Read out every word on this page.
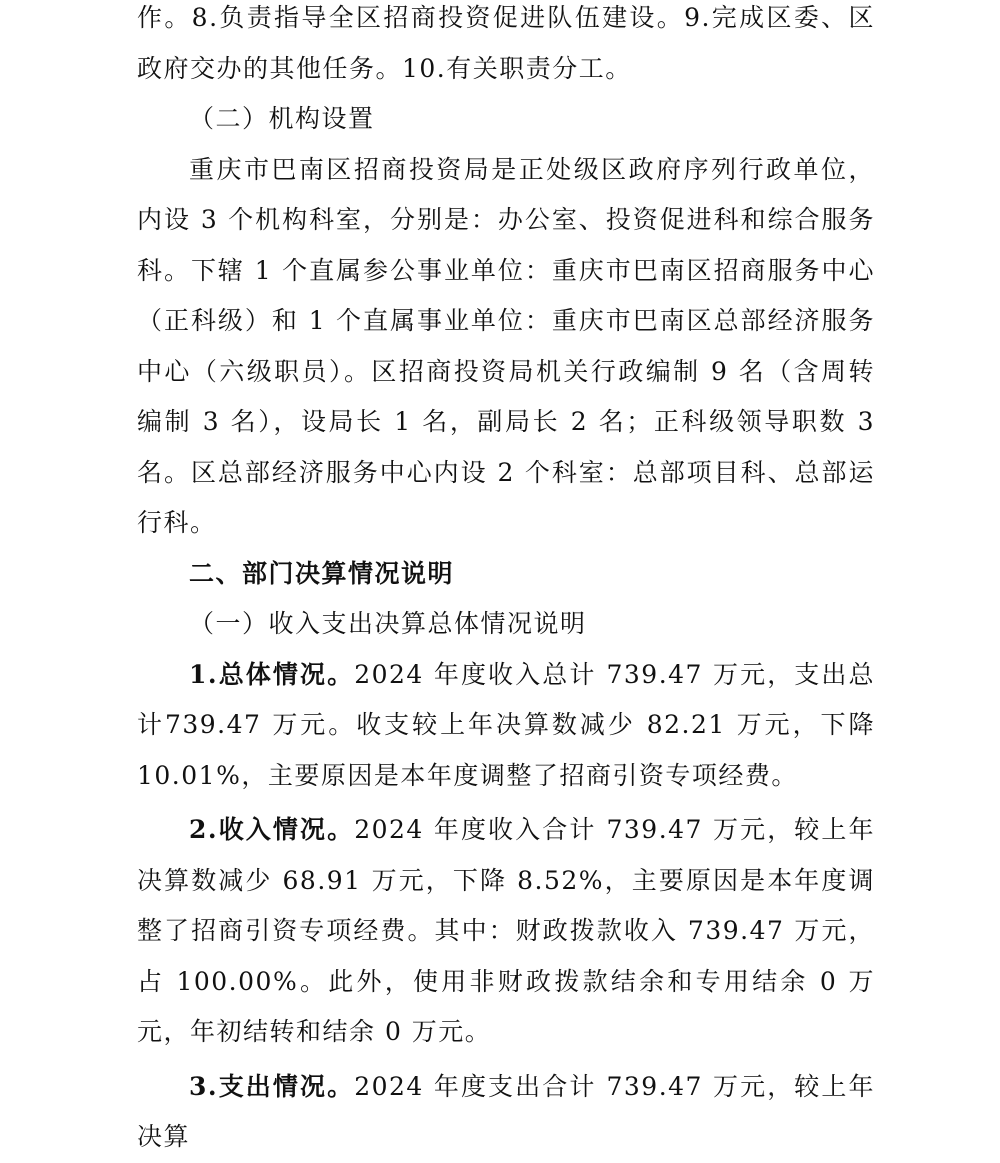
作。8.负责指导全区招商投资促进队伍建设。9.完成区委、区政府交办的其他任务。10.有关职责分工。

（二）机构设置

重庆市巴南区招商投资局是正处级区政府序列行政单位，内设 3 个机构科室，分别是：办公室、投资促进科和综合服务科。下辖 1 个直属参公事业单位：重庆市巴南区招商服务中心（正科级）和 1 个直属事业单位：重庆市巴南区总部经济服务中心（六级职员）。区招商投资局机关行政编制 9 名（含周转编制 3 名），设局长 1 名，副局长 2 名；正科级领导职数 3 名。区总部经济服务中心内设 2 个科室：总部项目科、总部运行科。

二、部门决算情况说明

（一）收入支出决算总体情况说明

1.总体情况。2024 年度收入总计 739.47 万元，支出总计739.47 万元。收支较上年决算数减少 82.21 万元，下降 10.01%，主要原因是本年度调整了招商引资专项经费。

2.收入情况。2024 年度收入合计 739.47 万元，较上年决算数减少 68.91 万元，下降 8.52%，主要原因是本年度调整了招商引资专项经费。其中：财政拨款收入 739.47 万元，占 100.00%。此外，使用非财政拨款结余和专用结余 0 万元，年初结转和结余 0 万元。

3.支出情况。2024 年度支出合计 739.47 万元，较上年决算
